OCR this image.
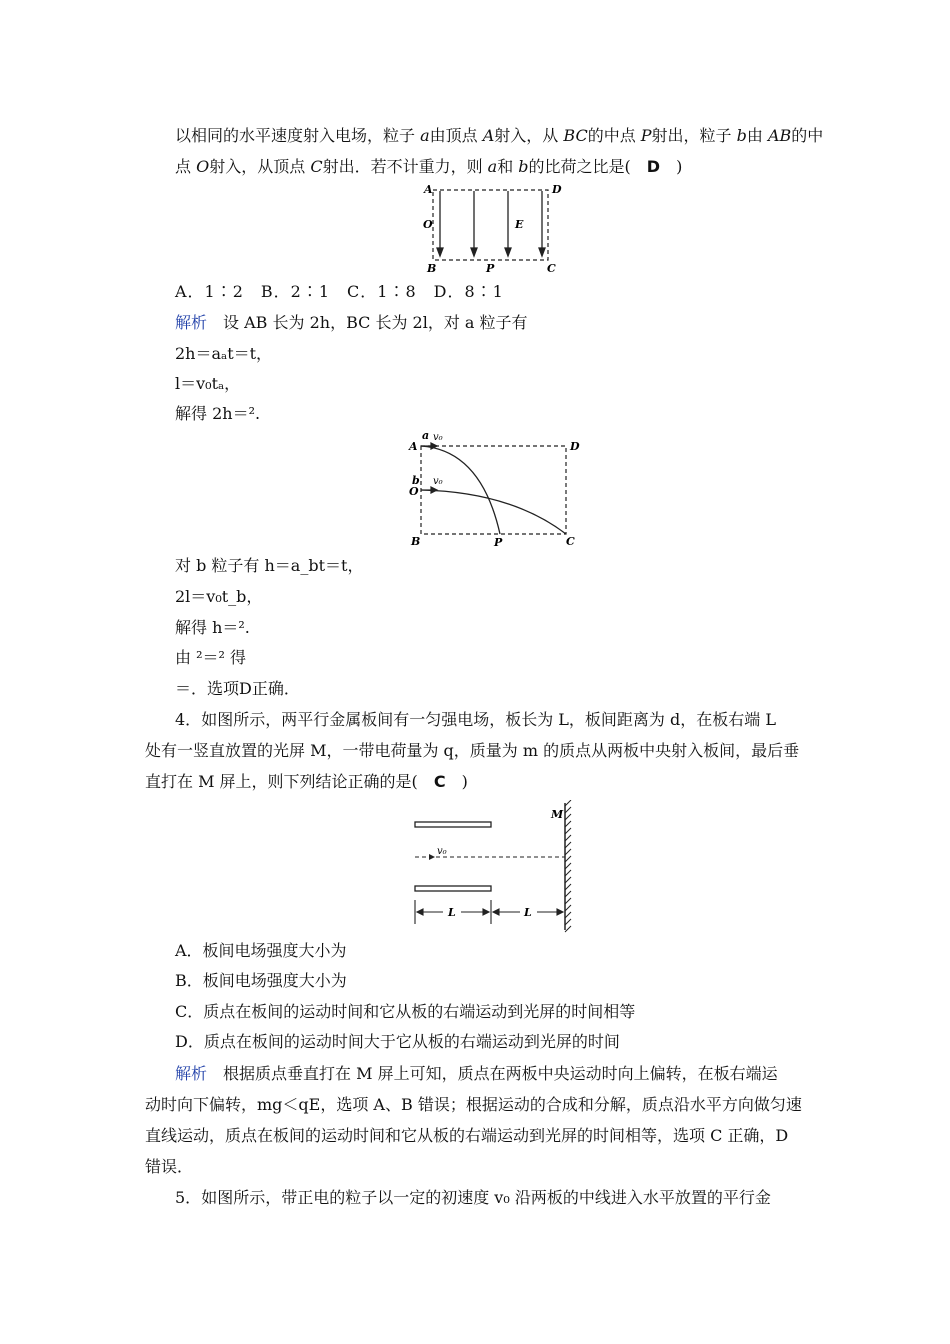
以相同的水平速度射入电场，粒子 a由顶点 A射入，从 BC的中点 P射出，粒子 b由 AB的中
点 O射入，从顶点 C射出．若不计重力，则 a和 b的比荷之比是(　D　)
A	D
O	E
B	P	C
A．1∶2　B．2∶1　C．1∶8　D．8∶1
解析　设 AB 长为 2h，BC 长为 2l，对 a 粒子有
2h＝aₐt＝t，
l＝v₀tₐ，
解得 2h＝².
a v₀
A	D
b v₀
O
B	P	C
对 b 粒子有 h＝a_bt＝t，
2l＝v₀t_b，
解得 h＝².
由 ²＝² 得
＝．选项D正确．
4．如图所示，两平行金属板间有一匀强电场，板长为 L，板间距离为 d，在板右端 L
处有一竖直放置的光屏 M，一带电荷量为 q，质量为 m 的质点从两板中央射入板间，最后垂
直打在 M 屏上，则下列结论正确的是(　C　)
v₀
M
L	L
A．板间电场强度大小为
B．板间电场强度大小为
C．质点在板间的运动时间和它从板的右端运动到光屏的时间相等
D．质点在板间的运动时间大于它从板的右端运动到光屏的时间
解析　根据质点垂直打在 M 屏上可知，质点在两板中央运动时向上偏转，在板右端运
动时向下偏转，mg＜qE，选项 A、B 错误；根据运动的合成和分解，质点沿水平方向做匀速
直线运动，质点在板间的运动时间和它从板的右端运动到光屏的时间相等，选项 C 正确，D
错误．
5．如图所示，带正电的粒子以一定的初速度 v₀ 沿两板的中线进入水平放置的平行金
